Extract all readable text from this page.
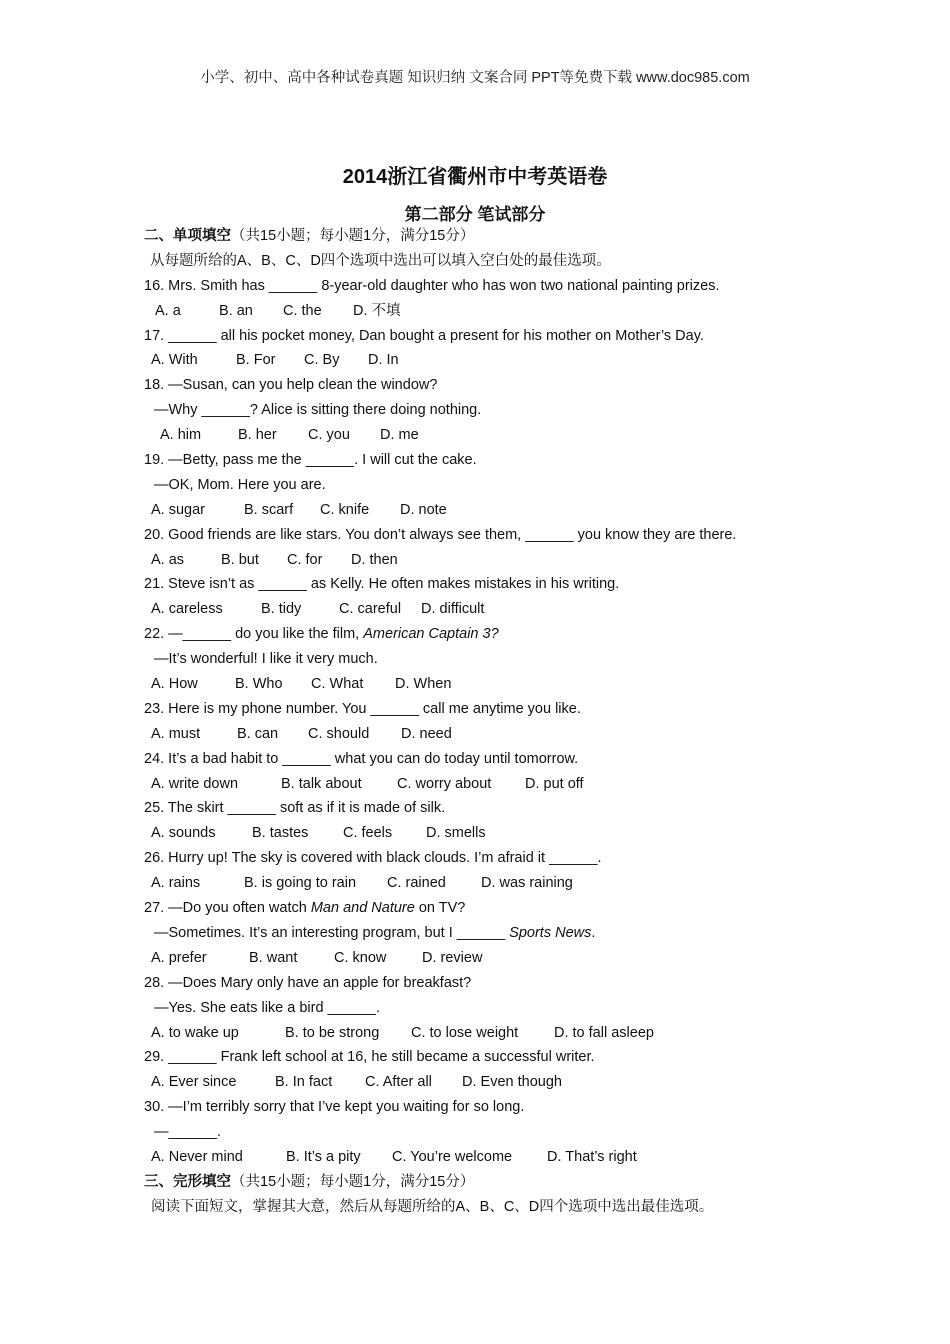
小学、初中、高中各种试卷真题 知识归纳 文案合同 PPT等免费下载 www.doc985.com
2014浙江省衢州市中考英语卷
第二部分 笔试部分
二、单项填空（共15小题；每小题1分，满分15分）
从每题所给的A、B、C、D四个选项中选出可以填入空白处的最佳选项。
16. Mrs. Smith has ______ 8-year-old daughter who has won two national painting prizes.
A. a	B. an C. the D. 不填
17. ______ all his pocket money, Dan bought a present for his mother on Mother’s Day.
A. With	B. For C. By D. In
18. —Susan, can you help clean the window?
—Why ______? Alice is sitting there doing nothing.
A. him	B. her C. you D. me
19. —Betty, pass me the ______. I will cut the cake.
—OK, Mom. Here you are.
A. sugar	B. scarf C. knife D. note
20. Good friends are like stars. You don’t always see them, ______ you know they are there.
A. as	B. but C. for D. then
21. Steve isn’t as ______ as Kelly. He often makes mistakes in his writing.
A. careless	B. tidy	C. careful D. difficult
22. —______ do you like the film, American Captain 3?
—It’s wonderful! I like it very much.
A. How	B. Who C. What D. When
23. Here is my phone number. You ______ call me anytime you like.
A. must	B. can C. should D. need
24. It’s a bad habit to ______ what you can do today until tomorrow.
A. write down	B. talk about C. worry about D. put off
25. The skirt ______ soft as if it is made of silk.
A. sounds	B. tastes C. feels D. smells
26. Hurry up! The sky is covered with black clouds. I’m afraid it ______.
A. rains	B. is going to rain C. rained D. was raining
27. —Do you often watch Man and Nature on TV?
—Sometimes. It’s an interesting program, but I ______ Sports News.
A. prefer	B. want	C. know D. review
28. —Does Mary only have an apple for breakfast?
—Yes. She eats like a bird ______.
A. to wake up	B. to be strong C. to lose weight D. to fall asleep
29. ______ Frank left school at 16, he still became a successful writer.
A. Ever since	B. In fact C. After all D. Even though
30. —I’m terribly sorry that I’ve kept you waiting for so long.
—______.
A. Never mind	B. It’s a pity C. You’re welcome D. That’s right
三、完形填空（共15小题；每小题1分，满分15分）
阅读下面短文，掌握其大意，然后从每题所给的A、B、C、D四个选项中选出最佳选项。
